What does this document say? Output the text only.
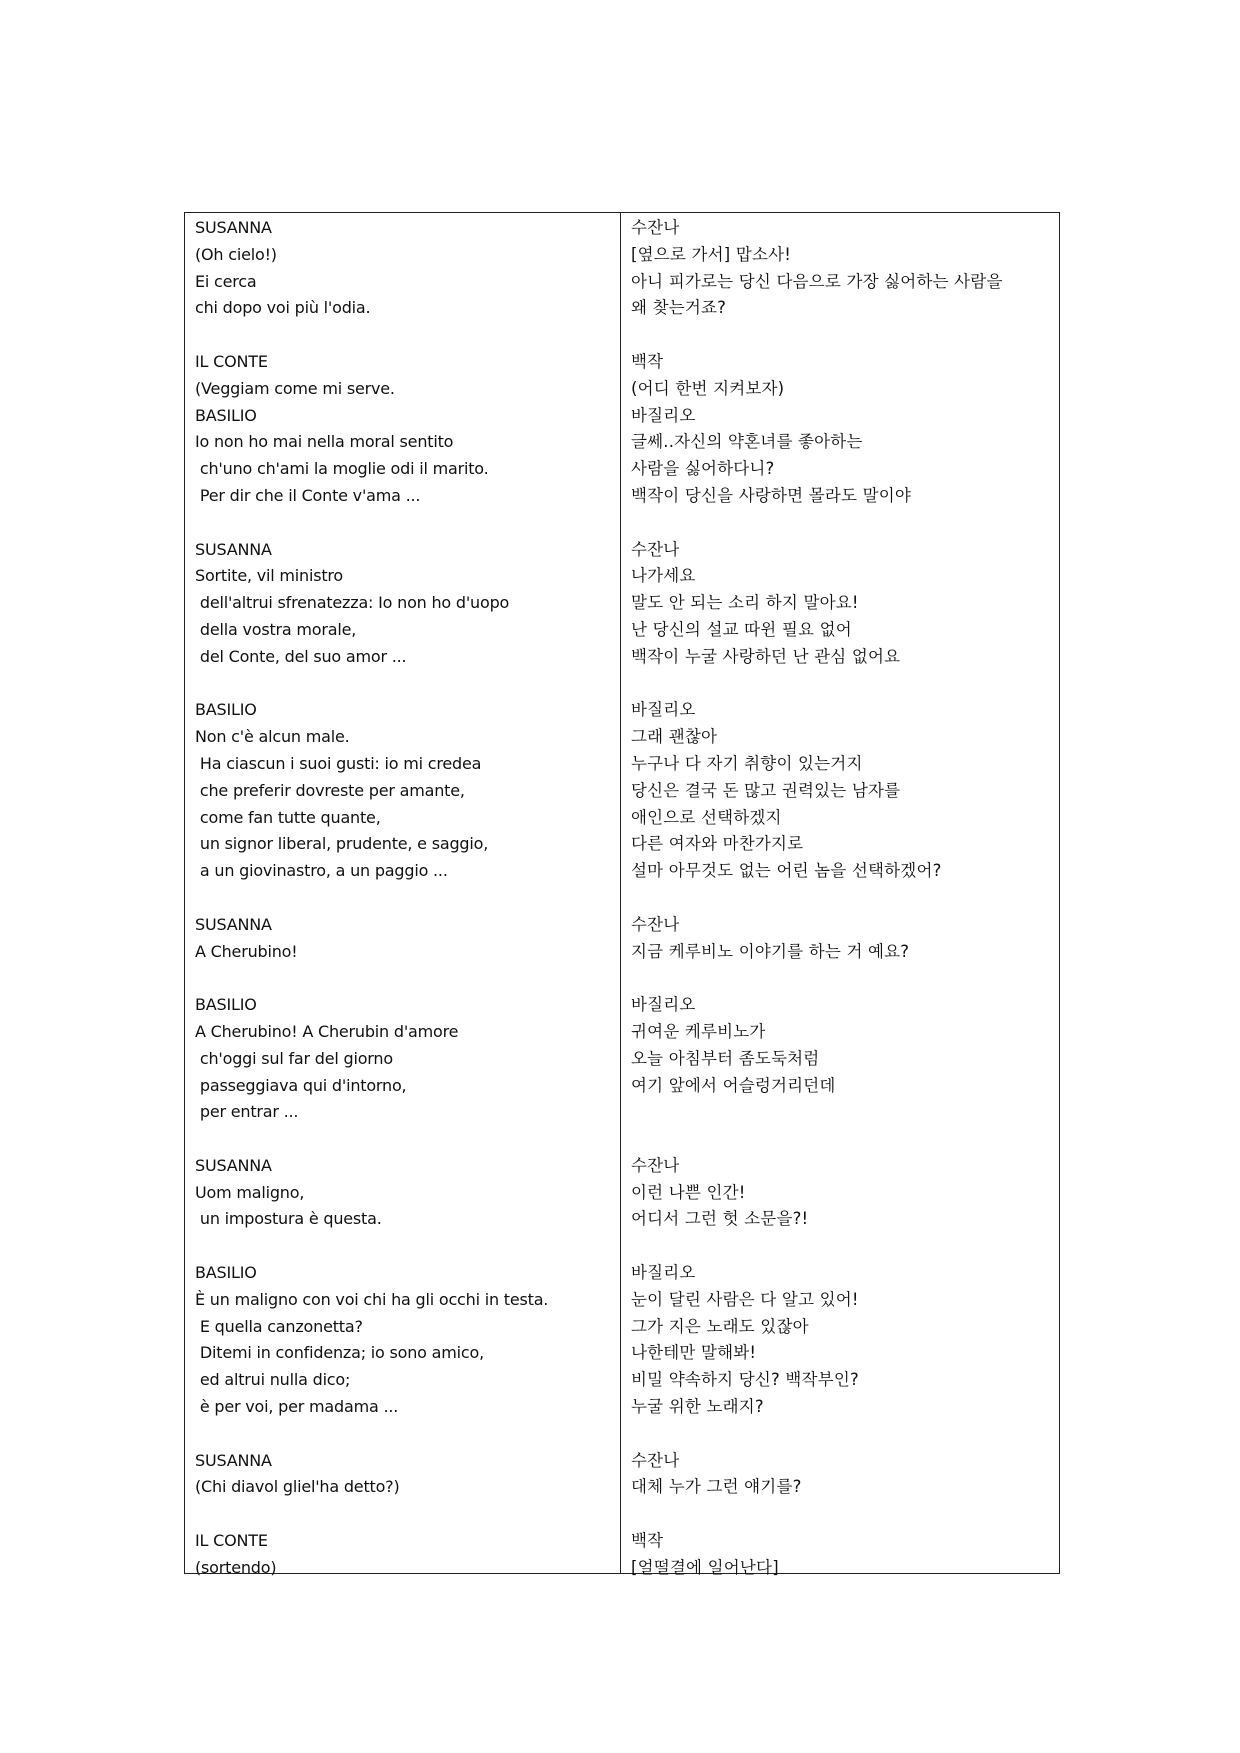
SUSANNA
(Oh cielo!)
Ei cerca
chi dopo voi più l'odia.
IL CONTE
(Veggiam come mi serve.
BASILIO
Io non ho mai nella moral sentito
ch'uno ch'ami la moglie odi il marito.
Per dir che il Conte v'ama ...
SUSANNA
Sortite, vil ministro
dell'altrui sfrenatezza: Io non ho d'uopo
della vostra morale,
del Conte, del suo amor ...
BASILIO
Non c'è alcun male.
Ha ciascun i suoi gusti: io mi credea
che preferir dovreste per amante,
come fan tutte quante,
un signor liberal, prudente, e saggio,
a un giovinastro, a un paggio ...
SUSANNA
A Cherubino!
BASILIO
A Cherubino! A Cherubin d'amore
ch'oggi sul far del giorno
passeggiava qui d'intorno,
per entrar ...
SUSANNA
Uom maligno,
un impostura è questa.
BASILIO
È un maligno con voi chi ha gli occhi in testa.
E quella canzonetta?
Ditemi in confidenza; io sono amico,
ed altrui nulla dico;
è per voi, per madama ...
SUSANNA
(Chi diavol gliel'ha detto?)
IL CONTE
(sortendo)
수잔나
[옆으로 가서] 맙소사!
아니 피가로는 당신 다음으로 가장 싫어하는 사람을
왜 찾는거죠?
백작
(어디 한번 지켜보자)
바질리오
글쎄..자신의 약혼녀를 좋아하는
사람을 싫어하다니?
백작이 당신을 사랑하면 몰라도 말이야
수잔나
나가세요
말도 안 되는 소리 하지 말아요!
난 당신의 설교 따윈 필요 없어
백작이 누굴 사랑하던 난 관심 없어요
바질리오
그래 괜찮아
누구나 다 자기 취향이 있는거지
당신은 결국 돈 많고 권력있는 남자를
애인으로 선택하겠지
다른 여자와 마찬가지로
설마 아무것도 없는 어린 놈을 선택하겠어?
수잔나
지금 케루비노 이야기를 하는 거 예요?
바질리오
귀여운 케루비노가
오늘 아침부터 좀도둑처럼
여기 앞에서 어슬렁거리던데
수잔나
이런 나쁜 인간!
어디서 그런 헛 소문을?!
바질리오
눈이 달린 사람은 다 알고 있어!
그가 지은 노래도 있잖아
나한테만 말해봐!
비밀 약속하지 당신? 백작부인?
누굴 위한 노래지?
수잔나
대체 누가 그런 얘기를?
백작
[얼떨결에 일어난다]
